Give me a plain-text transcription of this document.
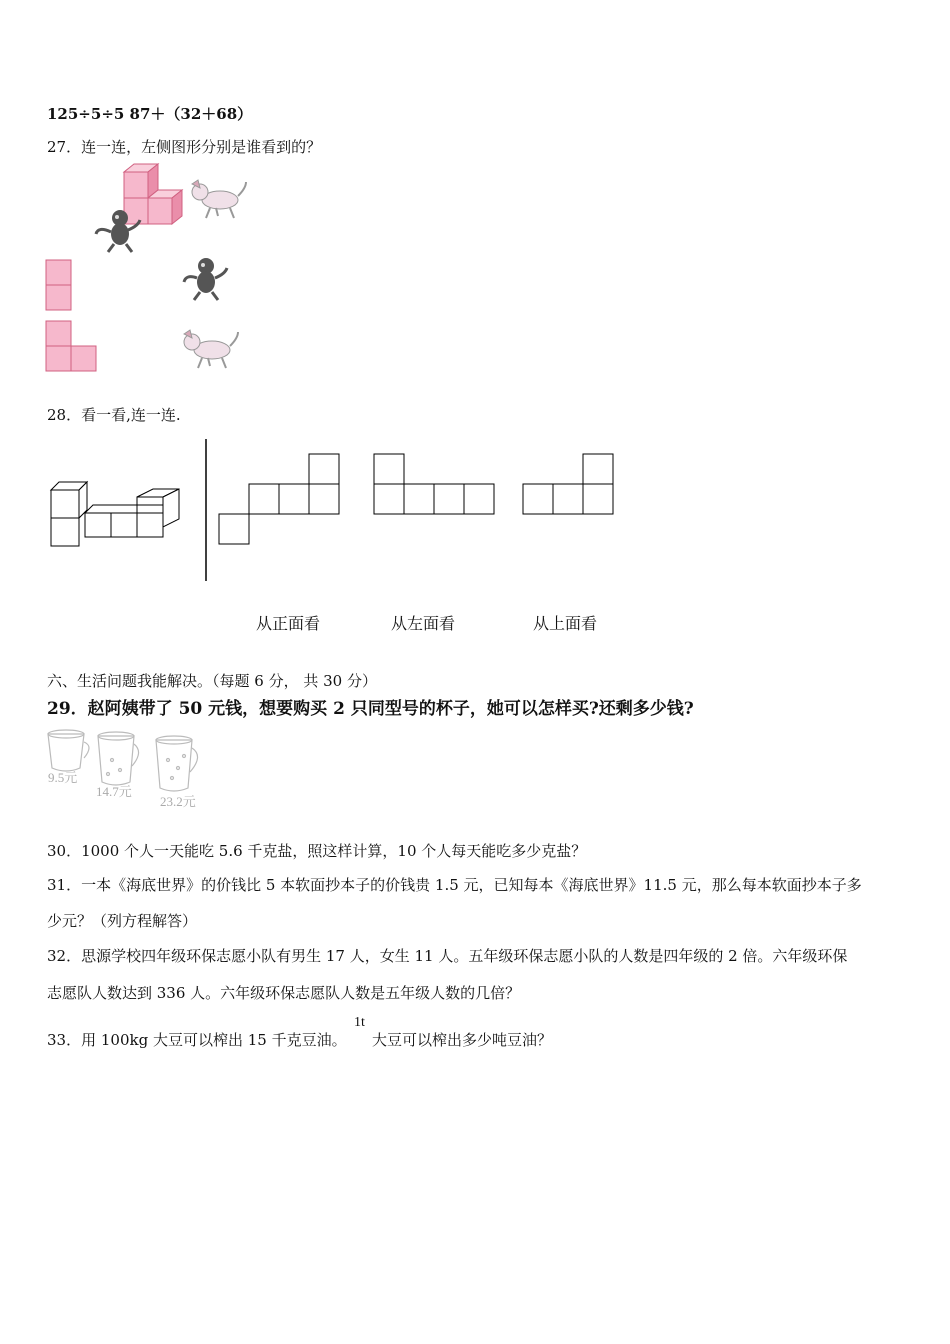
125÷5÷5 87＋（32＋68）
27．连一连，左侧图形分别是谁看到的？
28．看一看,连一连.
从正面看	从左面看	从上面看
六、生活问题我能解决。（每题 6 分， 共 30 分）
29．赵阿姨带了 50 元钱，想要购买 2 只同型号的杯子，她可以怎样买?还剩多少钱?
9.5元
14.7元
23.2元
30．1000 个人一天能吃 5.6 千克盐，照这样计算，10 个人每天能吃多少克盐？
31．一本《海底世界》的价钱比 5 本软面抄本子的价钱贵 1.5 元，已知每本《海底世界》11.5 元，那么每本软面抄本子多
少元？（列方程解答）
32．思源学校四年级环保志愿小队有男生 17 人，女生 11 人。五年级环保志愿小队的人数是四年级的 2 倍。六年级环保
志愿队人数达到 336 人。六年级环保志愿队人数是五年级人数的几倍？
33．用 100kg 大豆可以榨出 15 千克豆油。
1t
大豆可以榨出多少吨豆油？
